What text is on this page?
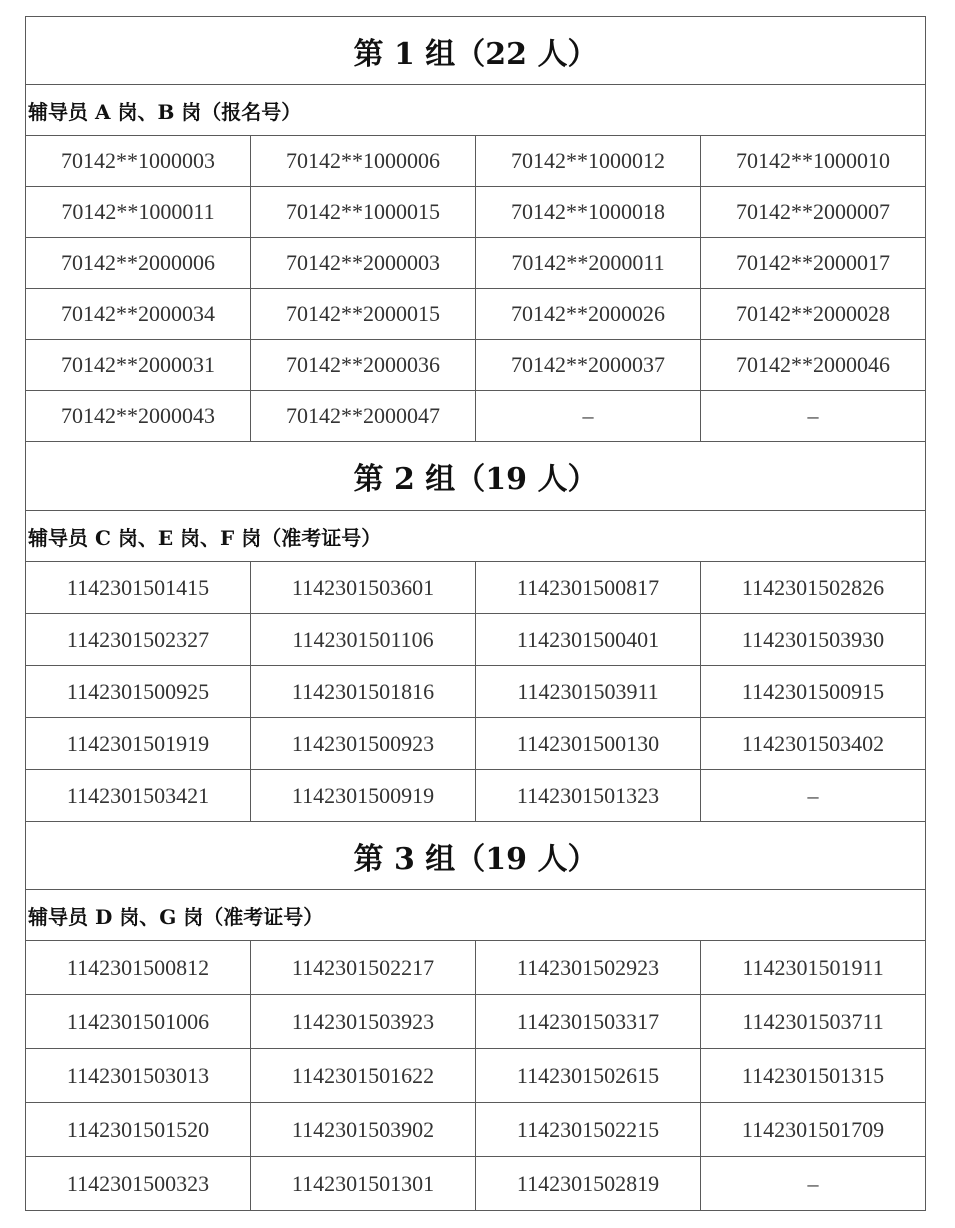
第 1 组（22 人）			
辅导员 A 岗、B 岗（报名号）			
70142**1000003	70142**1000006	70142**1000012	70142**1000010
70142**1000011	70142**1000015	70142**1000018	70142**2000007
70142**2000006	70142**2000003	70142**2000011	70142**2000017
70142**2000034	70142**2000015	70142**2000026	70142**2000028
70142**2000031	70142**2000036	70142**2000037	70142**2000046
70142**2000043	70142**2000047	–	–
第 2 组（19 人）			
辅导员 C 岗、E 岗、F 岗（准考证号）			
1142301501415	1142301503601	1142301500817	1142301502826
1142301502327	1142301501106	1142301500401	1142301503930
1142301500925	1142301501816	1142301503911	1142301500915
1142301501919	1142301500923	1142301500130	1142301503402
1142301503421	1142301500919	1142301501323	–
第 3 组（19 人）			
辅导员 D 岗、G 岗（准考证号）			
1142301500812	1142301502217	1142301502923	1142301501911
1142301501006	1142301503923	1142301503317	1142301503711
1142301503013	1142301501622	1142301502615	1142301501315
1142301501520	1142301503902	1142301502215	1142301501709
1142301500323	1142301501301	1142301502819	–
